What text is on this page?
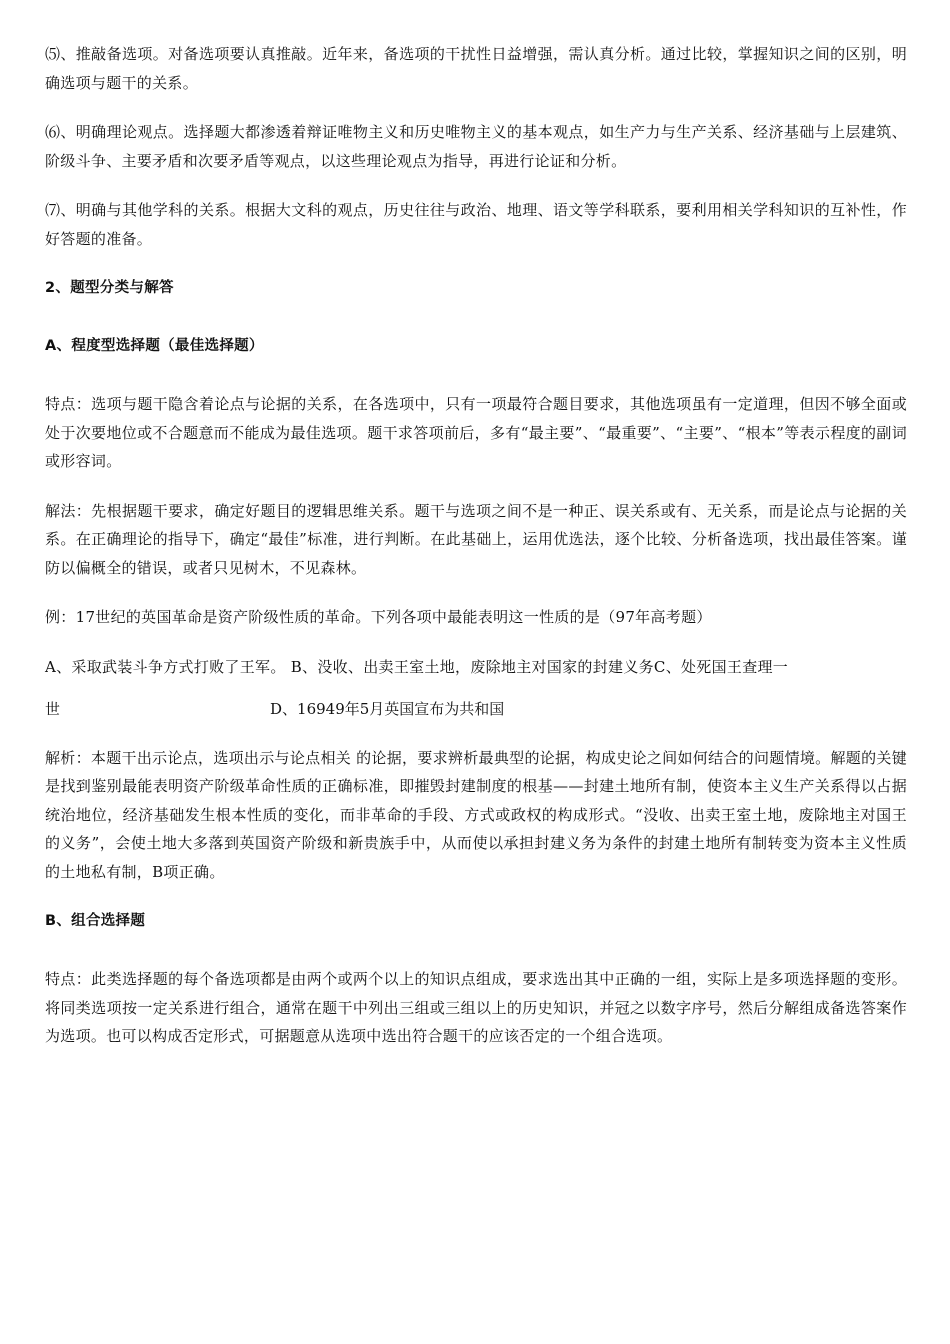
⑸、推敲备选项。对备选项要认真推敲。近年来，备选项的干扰性日益增强，需认真分析。通过比较，掌握知识之间的区别，明确选项与题干的关系。

⑹、明确理论观点。选择题大都渗透着辩证唯物主义和历史唯物主义的基本观点，如生产力与生产关系、经济基础与上层建筑、阶级斗争、主要矛盾和次要矛盾等观点，以这些理论观点为指导，再进行论证和分析。

⑺、明确与其他学科的关系。根据大文科的观点，历史往往与政治、地理、语文等学科联系，要利用相关学科知识的互补性，作好答题的准备。

2、题型分类与解答

A、程度型选择题（最佳选择题）

特点：选项与题干隐含着论点与论据的关系，在各选项中，只有一项最符合题目要求，其他选项虽有一定道理，但因不够全面或处于次要地位或不合题意而不能成为最佳选项。题干求答项前后，多有“最主要”、“最重要”、“主要”、“根本”等表示程度的副词或形容词。

解法：先根据题干要求，确定好题目的逻辑思维关系。题干与选项之间不是一种正、误关系或有、无关系，而是论点与论据的关系。在正确理论的指导下，确定“最佳”标准，进行判断。在此基础上，运用优选法，逐个比较、分析备选项，找出最佳答案。谨防以偏概全的错误，或者只见树木，不见森林。

例：17世纪的英国革命是资产阶级性质的革命。下列各项中最能表明这一性质的是（97年高考题）

A、采取武装斗争方式打败了王军。 B、没收、出卖王室土地，废除地主对国家的封建义务C、处死国王查理一

世	D、16949年5月英国宣布为共和国

解析：本题干出示论点，选项出示与论点相关 的论据，要求辨析最典型的论据，构成史论之间如何结合的问题情境。解题的关键是找到鉴别最能表明资产阶级革命性质的正确标准，即摧毁封建制度的根基——封建土地所有制，使资本主义生产关系得以占据统治地位，经济基础发生根本性质的变化，而非革命的手段、方式或政权的构成形式。“没收、出卖王室土地，废除地主对国王的义务”，会使土地大多落到英国资产阶级和新贵族手中，从而使以承担封建义务为条件的封建土地所有制转变为资本主义性质的土地私有制，B项正确。

B、组合选择题

特点：此类选择题的每个备选项都是由两个或两个以上的知识点组成，要求选出其中正确的一组，实际上是多项选择题的变形。将同类选项按一定关系进行组合，通常在题干中列出三组或三组以上的历史知识，并冠之以数字序号，然后分解组成备选答案作为选项。也可以构成否定形式，可据题意从选项中选出符合题干的应该否定的一个组合选项。
